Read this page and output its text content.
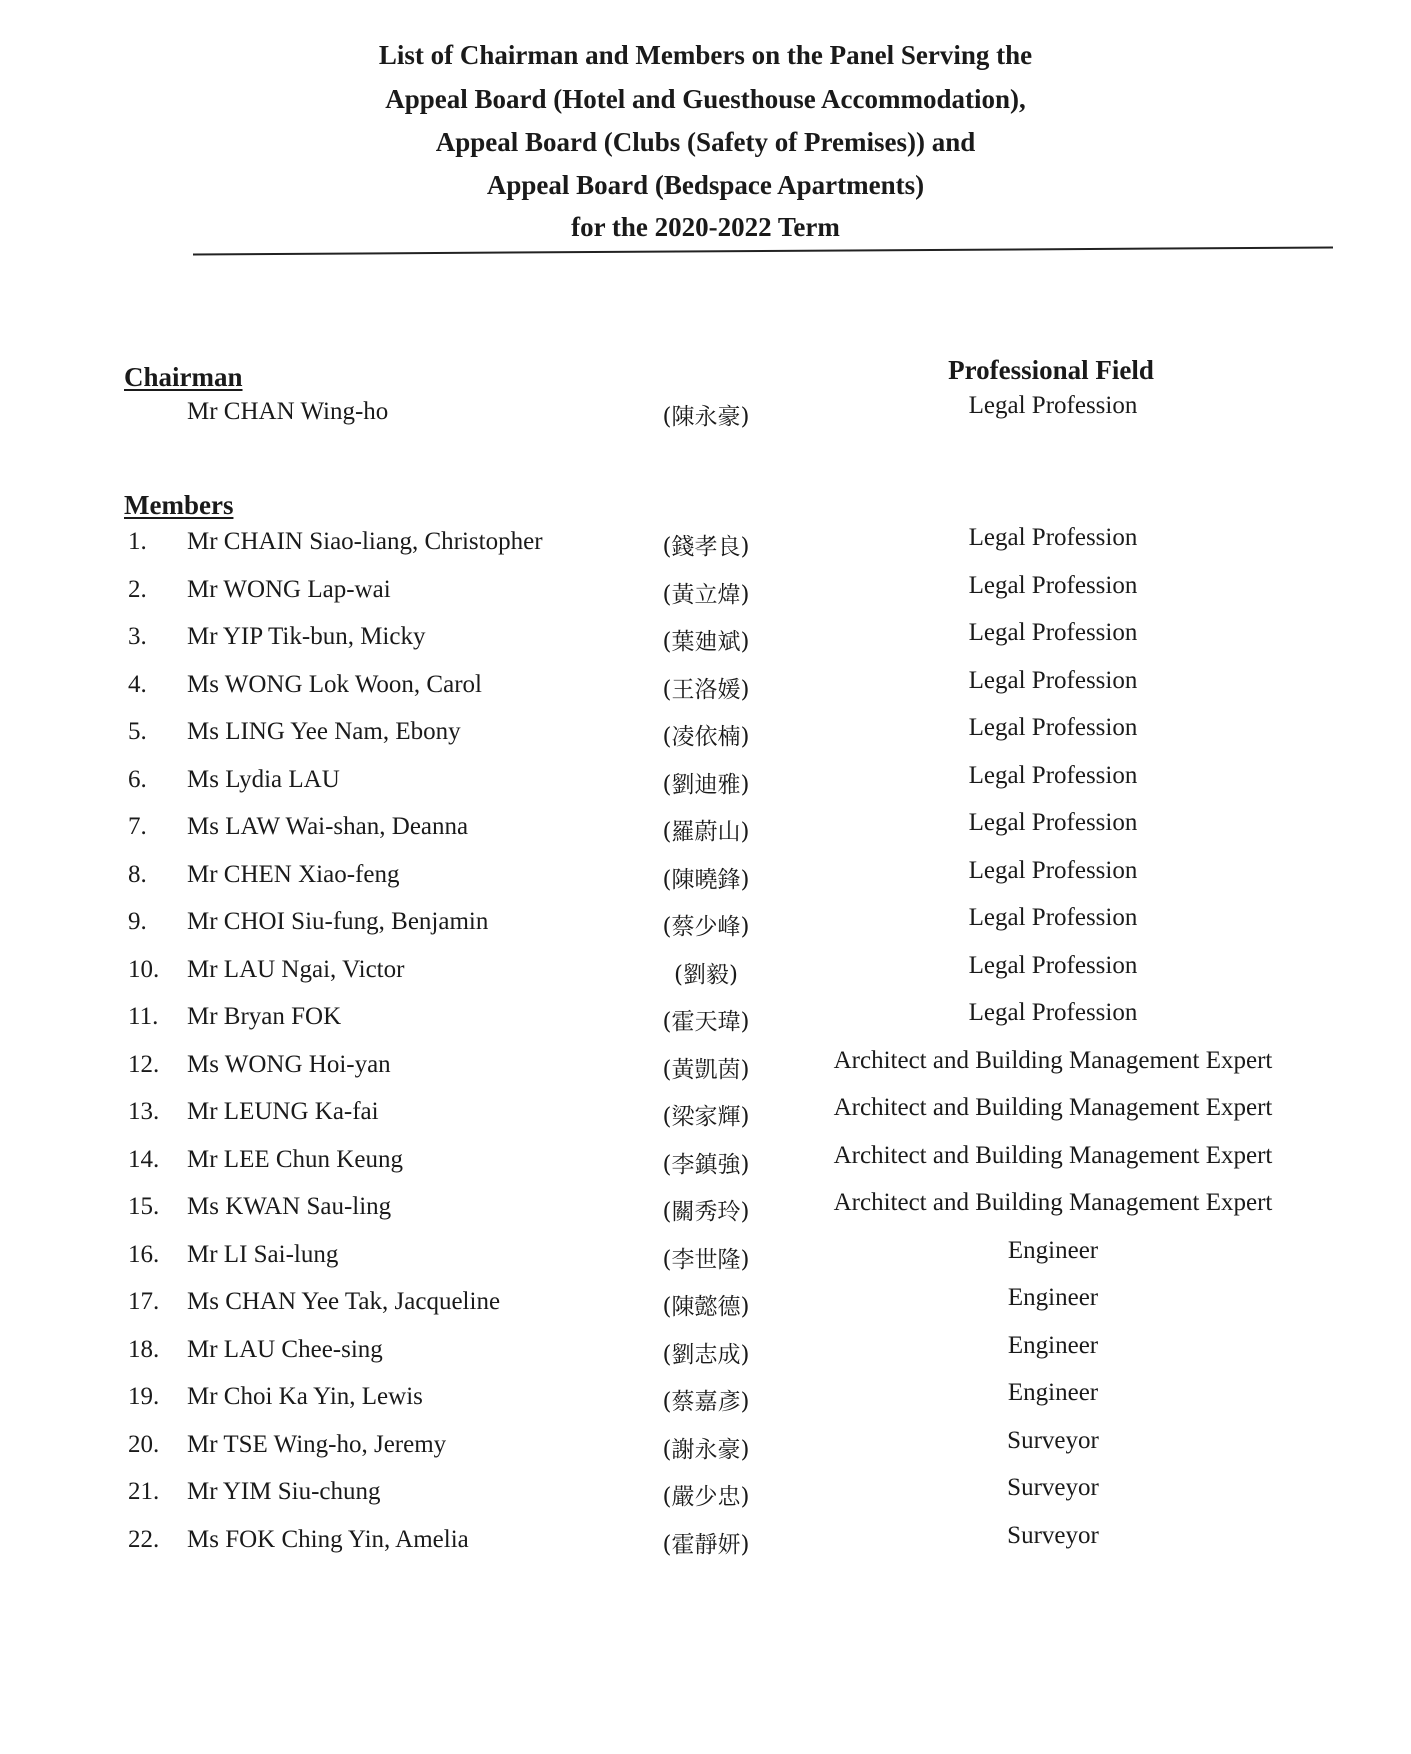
List of Chairman and Members on the Panel Serving the
Appeal Board (Hotel and Guesthouse Accommodation),
Appeal Board (Clubs (Safety of Premises)) and
Appeal Board (Bedspace Apartments)
for the 2020-2022 Term
Professional Field
Chairman
Mr CHAN Wing-ho	(陳永豪)	Legal Profession
Members
1.	Mr CHAIN Siao-liang, Christopher	(錢孝良)	Legal Profession
2.	Mr WONG Lap-wai	(黃立煒)	Legal Profession
3.	Mr YIP Tik-bun, Micky	(葉廸斌)	Legal Profession
4.	Ms WONG Lok Woon, Carol	(王洛媛)	Legal Profession
5.	Ms LING Yee Nam, Ebony	(凌依楠)	Legal Profession
6.	Ms Lydia LAU	(劉迪雅)	Legal Profession
7.	Ms LAW Wai-shan, Deanna	(羅蔚山)	Legal Profession
8.	Mr CHEN Xiao-feng	(陳曉鋒)	Legal Profession
9.	Mr CHOI Siu-fung, Benjamin	(蔡少峰)	Legal Profession
10.	Mr LAU Ngai, Victor	(劉毅)	Legal Profession
11.	Mr Bryan FOK	(霍天瑋)	Legal Profession
12.	Ms WONG Hoi-yan	(黃凱茵)	Architect and Building Management Expert
13.	Mr LEUNG Ka-fai	(梁家輝)	Architect and Building Management Expert
14.	Mr LEE Chun Keung	(李鎮強)	Architect and Building Management Expert
15.	Ms KWAN Sau-ling	(關秀玲)	Architect and Building Management Expert
16.	Mr LI Sai-lung	(李世隆)	Engineer
17.	Ms CHAN Yee Tak, Jacqueline	(陳懿德)	Engineer
18.	Mr LAU Chee-sing	(劉志成)	Engineer
19.	Mr Choi Ka Yin, Lewis	(蔡嘉彥)	Engineer
20.	Mr TSE Wing-ho, Jeremy	(謝永豪)	Surveyor
21.	Mr YIM Siu-chung	(嚴少忠)	Surveyor
22.	Ms FOK Ching Yin, Amelia	(霍靜妍)	Surveyor
